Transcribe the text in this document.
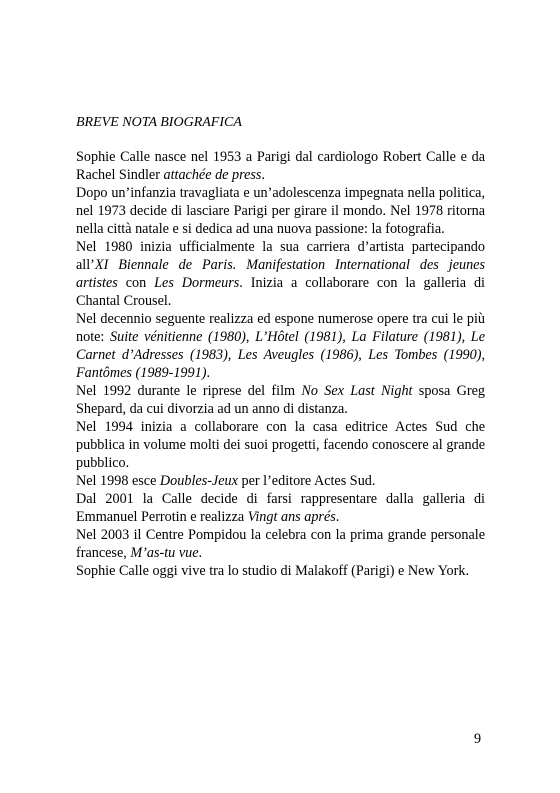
BREVE NOTA BIOGRAFICA

Sophie Calle nasce nel 1953 a Parigi dal cardiologo Robert Calle e da Rachel Sindler attachée de press.

Dopo un’infanzia travagliata e un’adolescenza impegnata nella politica, nel 1973 decide di lasciare Parigi per girare il mondo. Nel 1978 ritorna nella città natale e si dedica ad una nuova passione: la fotografia.

Nel 1980 inizia ufficialmente la sua carriera d’artista partecipando all’XI Biennale de Paris. Manifestation International des jeunes artistes con Les Dormeurs. Inizia a collaborare con la galleria di Chantal Crousel.

Nel decennio seguente realizza ed espone numerose opere tra cui le più note: Suite vénitienne (1980), L’Hôtel (1981), La Filature (1981), Le Carnet d’Adresses (1983), Les Aveugles (1986), Les Tombes (1990), Fantômes (1989-1991).

Nel 1992 durante le riprese del film No Sex Last Night sposa Greg Shepard, da cui divorzia ad un anno di distanza.

Nel 1994 inizia a collaborare con la casa editrice Actes Sud che pubblica in volume molti dei suoi progetti, facendo conoscere al grande pubblico.

Nel 1998 esce Doubles-Jeux per l’editore Actes Sud.

Dal 2001 la Calle decide di farsi rappresentare dalla galleria di Emmanuel Perrotin e realizza Vingt ans aprés.

Nel 2003 il Centre Pompidou la celebra con la prima grande personale francese, M’as-tu vue.

Sophie Calle oggi vive tra lo studio di Malakoff (Parigi) e New York.

9
